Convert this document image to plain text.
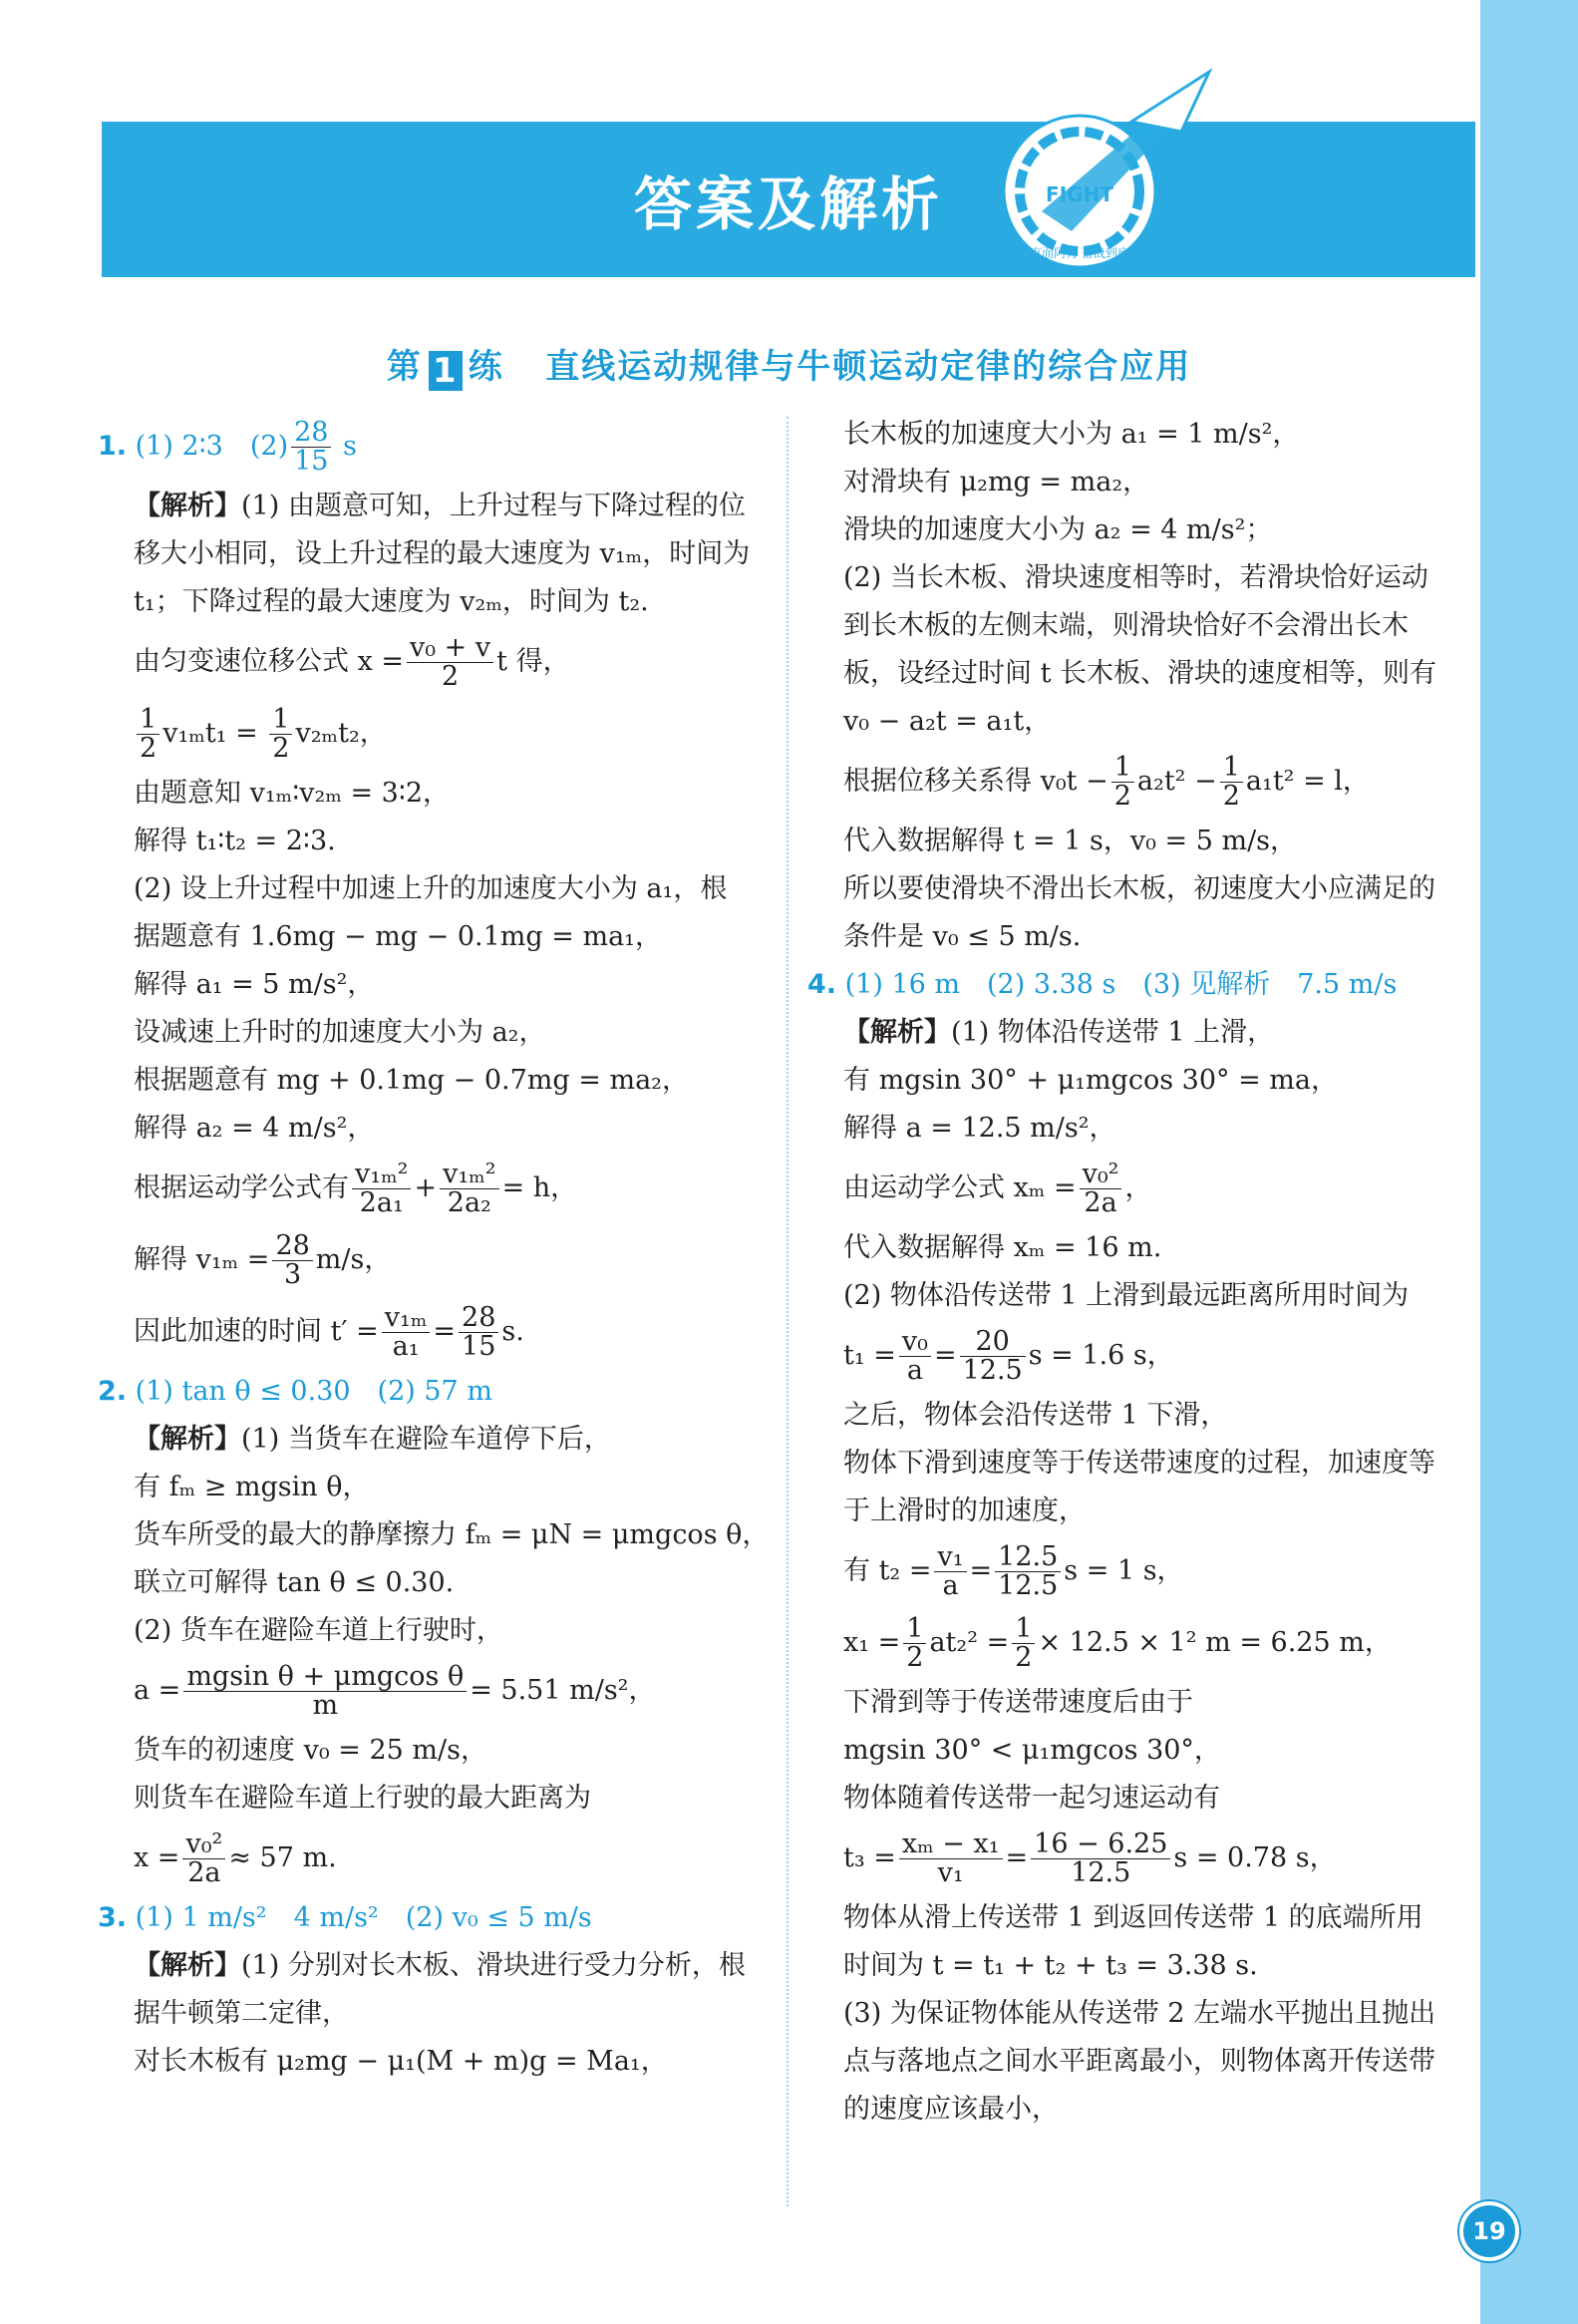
答案及解析	FIGHT
直面阿力 奋战到底
第 1 练 直线运动规律与牛顿运动定律的综合应用
1. (1) 2∶3　$(2) \frac{28}{15}$ s
【解析】(1) 由题意可知，上升过程与下降过程的位
移大小相同，设上升过程的最大速度为 v₁ₘ，时间为
t₁；下降过程的最大速度为 v₂ₘ，时间为 t₂.
由匀变速位移公式 $x = \frac{\text{v₀ + v}}{2}$ t 得，
$\frac{1}{2} v_{1m}t_1 = \frac{1}{2} v_{2m}t_2$，
由题意知 v₁ₘ∶v₂ₘ = 3∶2，
解得 t₁∶t₂ = 2∶3.
(2) 设上升过程中加速上升的加速度大小为 a₁，根
据题意有 1.6mg − mg − 0.1mg = ma₁，
解得 a₁ = 5 m/s²，
设减速上升时的加速度大小为 a₂，
根据题意有 mg + 0.1mg − 0.7mg = ma₂，
解得 a₂ = 4 m/s²，
根据运动学公式有 $\frac{\text{v₁ₘ²}}{\text{2a₁}} + \frac{\text{v₁ₘ²}}{\text{2a₂}} = h$，
解得 $v_{1m} = \frac{28}{3} m/s$，
因此加速的时间 $t' = \frac{\text{v₁ₘ}}{\text{a₁}} = \frac{28}{15} s$.
2. (1) tan θ ≤ 0.30　(2) 57 m
【解析】(1) 当货车在避险车道停下后，
有 fₘ ≥ mgsin θ，
货车所受的最大的静摩擦力 fₘ = μN = μmgcos θ，
联立可解得 tan θ ≤ 0.30.
(2) 货车在避险车道上行驶时，
$a = \frac{\text{mgsin θ + μmgcos θ}}{m} = 5.51$ m/s²，
货车的初速度 v₀ = 25 m/s，
则货车在避险车道上行驶的最大距离为
$x = \frac{\text{v₀²}}{2a} \approx 57$ m.
3. (1) 1 m/s²　4 m/s²　(2) v₀ ≤ 5 m/s
【解析】(1) 分别对长木板、滑块进行受力分析，根
据牛顿第二定律，
对长木板有 μ₂mg − μ₁(M + m)g = Ma₁，
长木板的加速度大小为 a₁ = 1 m/s²，
对滑块有 μ₂mg = ma₂，
滑块的加速度大小为 a₂ = 4 m/s²；
(2) 当长木板、滑块速度相等时，若滑块恰好运动
到长木板的左侧末端，则滑块恰好不会滑出长木
板，设经过时间 t 长木板、滑块的速度相等，则有
v₀ − a₂t = a₁t，
根据位移关系得 $v_0t - \frac{1}{2} a_2t^2 - \frac{1}{2} a_1t^2 = l$，
代入数据解得 t = 1 s，v₀ = 5 m/s，
所以要使滑块不滑出长木板，初速度大小应满足的
条件是 v₀ ≤ 5 m/s.
4. (1) 16 m　(2) 3.38 s　(3) 见解析　7.5 m/s
【解析】(1) 物体沿传送带 1 上滑，
有 mgsin 30° + μ₁mgcos 30° = ma，
解得 a = 12.5 m/s²，
由运动学公式 $x_m = \frac{\text{v₀²}}{2a}$ ，
代入数据解得 xₘ = 16 m.
(2) 物体沿传送带 1 上滑到最远距离所用时间为
$t_1 = \frac{\text{v₀}}{a} = \frac{20}{12.5}$ s = 1.6 s，
之后，物体会沿传送带 1 下滑，
物体下滑到速度等于传送带速度的过程，加速度等
于上滑时的加速度，
有 $t_2 = \frac{\text{v₁}}{a} = \frac{12.5}{12.5}$ s = 1 s，
$x_1 = \frac{1}{2} at_2^2 = \frac{1}{2} \times 12.5 \times 1^2$ m = 6.25 m，
下滑到等于传送带速度后由于
mgsin 30° < μ₁mgcos 30°，
物体随着传送带一起匀速运动有
$t_3 = \frac{\text{xₘ − x₁}}{\text{v₁}} = \frac{16 - 6.25}{12.5}$ s = 0.78 s，
物体从滑上传送带 1 到返回传送带 1 的底端所用
时间为 t = t₁ + t₂ + t₃ = 3.38 s.
(3) 为保证物体能从传送带 2 左端水平抛出且抛出
点与落地点之间水平距离最小，则物体离开传送带
的速度应该最小，
19
